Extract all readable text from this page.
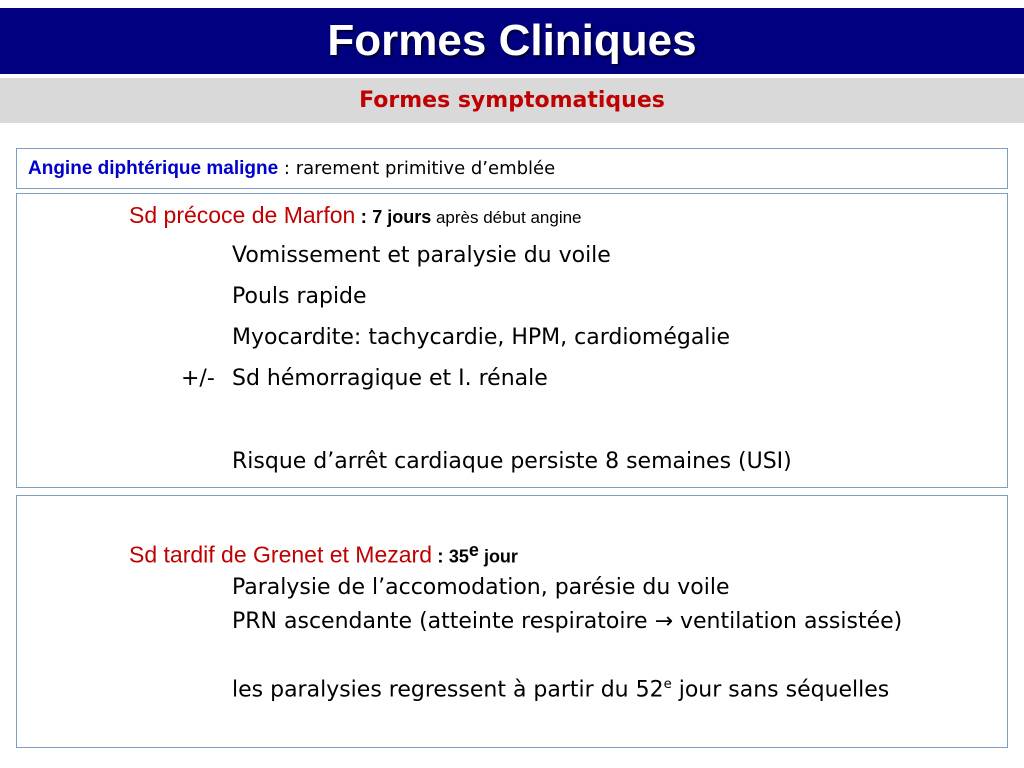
Formes Cliniques
Formes symptomatiques
Angine diphtérique maligne : rarement primitive d’emblée
Sd précoce de Marfon : 7 jours après début angine
Vomissement et paralysie du voile
Pouls rapide
Myocardite: tachycardie, HPM, cardiomégalie
+/- Sd hémorragique et I. rénale
Risque d’arrêt cardiaque persiste 8 semaines (USI)
Sd tardif de Grenet et Mezard : 35e jour
Paralysie de l’accomodation, parésie du voile
PRN ascendante (atteinte respiratoire → ventilation assistée)
les paralysies regressent à partir du 52e jour sans séquelles
